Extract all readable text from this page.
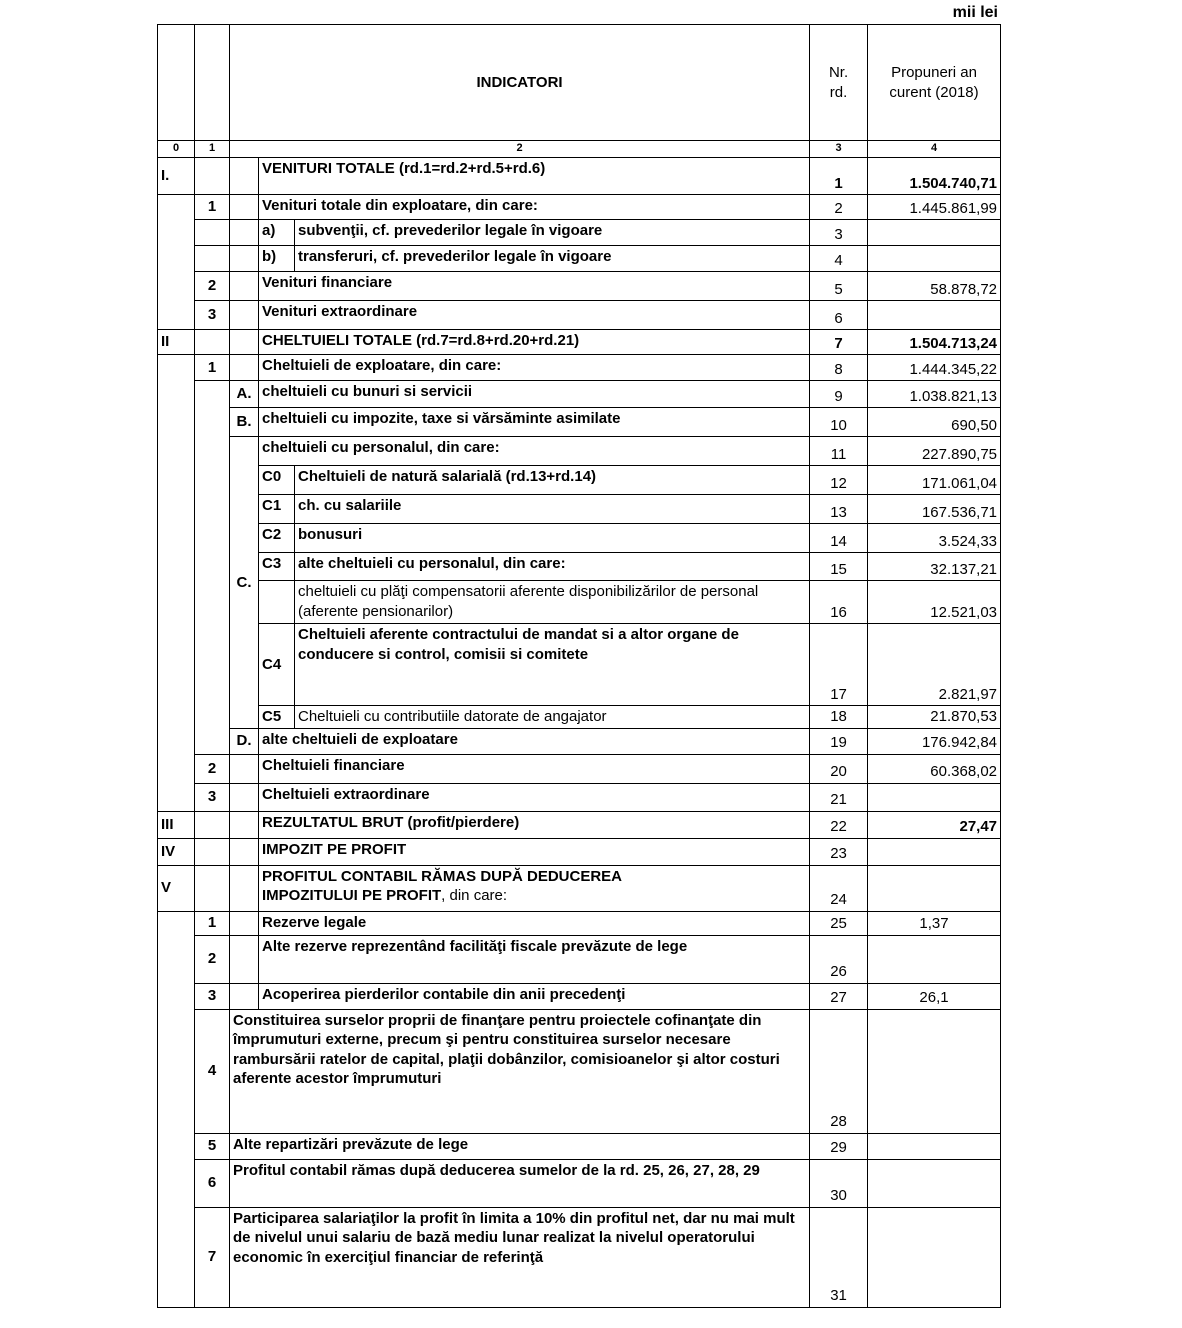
mii lei
		INDICATORI			Nr.
rd.	Propuneri an
curent (2018)
0	1	2			3	4
I.			VENITURI TOTALE (rd.1=rd.2+rd.5+rd.6)		1	1.504.740,71
	1		Venituri totale din exploatare, din care:		2	1.445.861,99
			a)	subvenţii, cf. prevederilor legale în vigoare	3	
			b)	transferuri, cf. prevederilor legale în vigoare	4	
	2		Venituri financiare		5	58.878,72
	3		Venituri extraordinare		6	
II			CHELTUIELI TOTALE (rd.7=rd.8+rd.20+rd.21)		7	1.504.713,24
	1		Cheltuieli de exploatare, din care:		8	1.444.345,22
		A.	cheltuieli cu bunuri si servicii		9	1.038.821,13
		B.	cheltuieli cu impozite, taxe si vărsăminte asimilate		10	690,50
		C.	cheltuieli cu personalul, din care:		11	227.890,75
			C0	Cheltuieli de natură salarială (rd.13+rd.14)	12	171.061,04
			C1	ch. cu salariile	13	167.536,71
			C2	bonusuri	14	3.524,33
			C3	alte cheltuieli cu personalul, din care:	15	32.137,21
				cheltuieli cu plăţi compensatorii aferente disponibilizărilor de personal (aferente pensionarilor)	16	12.521,03
			C4	Cheltuieli aferente contractului de mandat si a altor organe de conducere si control, comisii si comitete	17	2.821,97
			C5	Cheltuieli cu contributiile datorate de angajator	18	21.870,53
		D.	alte cheltuieli de exploatare		19	176.942,84
	2		Cheltuieli financiare		20	60.368,02
	3		Cheltuieli extraordinare		21	
III			REZULTATUL BRUT (profit/pierdere)		22	27,47
IV			IMPOZIT PE PROFIT		23	
V			PROFITUL CONTABIL RĂMAS DUPĂ DEDUCEREA
IMPOZITULUI PE PROFIT, din care:		24	
	1		Rezerve legale		25	1,37
	2		Alte rezerve reprezentând facilităţi fiscale prevăzute de lege		26	
	3		Acoperirea pierderilor contabile din anii precedenţi		27	26,1
	4	Constituirea surselor proprii de finanţare pentru proiectele cofinanţate din împrumuturi externe, precum şi pentru constituirea surselor necesare rambursării ratelor de capital, plaţii dobânzilor, comisioanelor şi altor costuri aferente acestor împrumuturi			28	
	5	Alte repartizări prevăzute de lege			29	
	6	Profitul contabil rămas după deducerea sumelor de la rd. 25, 26, 27, 28, 29			30	
	7	Participarea salariaţilor la profit în limita a 10% din profitul net, dar nu mai mult de nivelul unui salariu de bază mediu lunar realizat la nivelul operatorului economic în exerciţiul financiar de referinţă			31	
